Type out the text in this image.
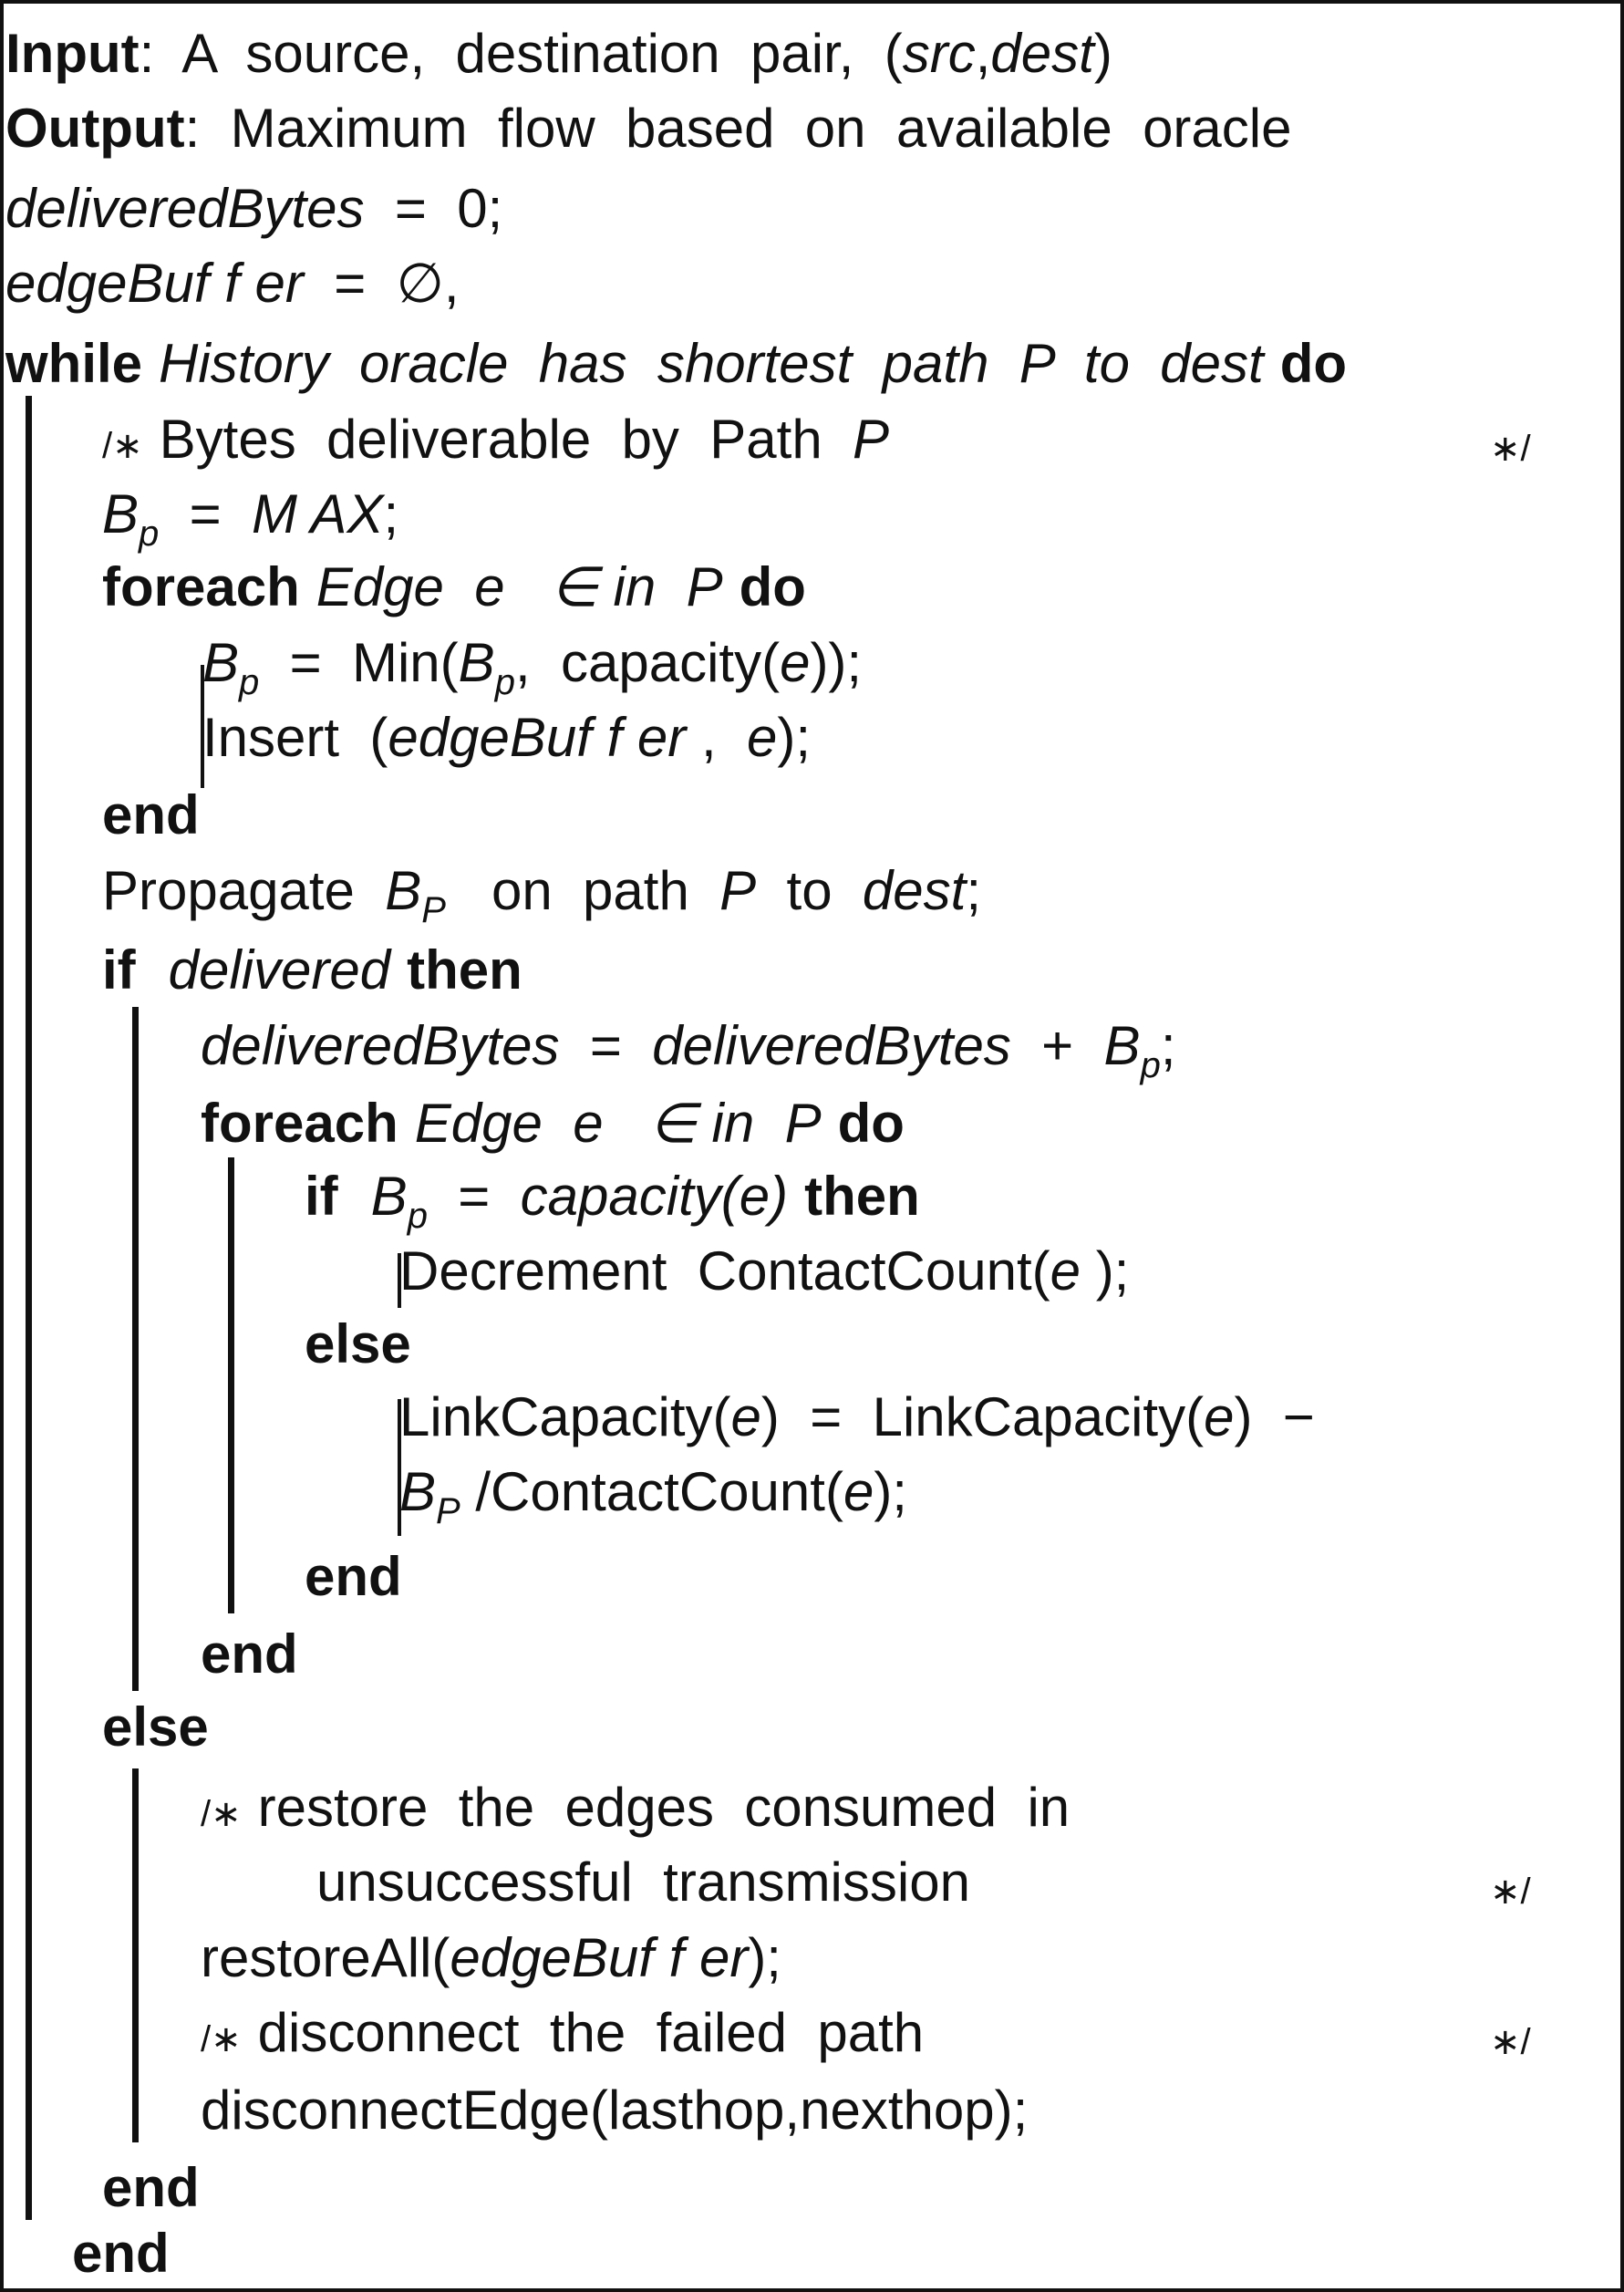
Input:  A  source,  destination  pair,  (src,dest)
Output:  Maximum  flow  based  on  available  oracle
deliveredBytes  =  0;
edgeBuf f er  =  ∅,
while History  oracle  has  shortest  path  P  to  dest do
/∗ Bytes  deliverable  by  Path  P	∗/
$B_p = M$ AX;
foreach Edge  e   ∈ in  P do
$B_p = Min(B_p$,  capacity(e));
Insert  (edgeBuf f er ,  e);
end
Propagate  $B_P$   on  path  P  to  dest;
if delivered then
deliveredBytes  =  deliveredBytes  +  $B_p$;
foreach Edge  e   ∈ in  P do
if $B_p$  =  capacity(e) then
Decrement  ContactCount(e );
else
LinkCapacity(e)  =  LinkCapacity(e)  −
$B_P$ /ContactCount(e);
end
end
else
/∗ restore  the  edges  consumed  in
unsuccessful  transmission	∗/
restoreAll(edgeBuf f er);
/∗ disconnect  the  failed  path	∗/
disconnectEdge(lasthop,nexthop);
end
end
